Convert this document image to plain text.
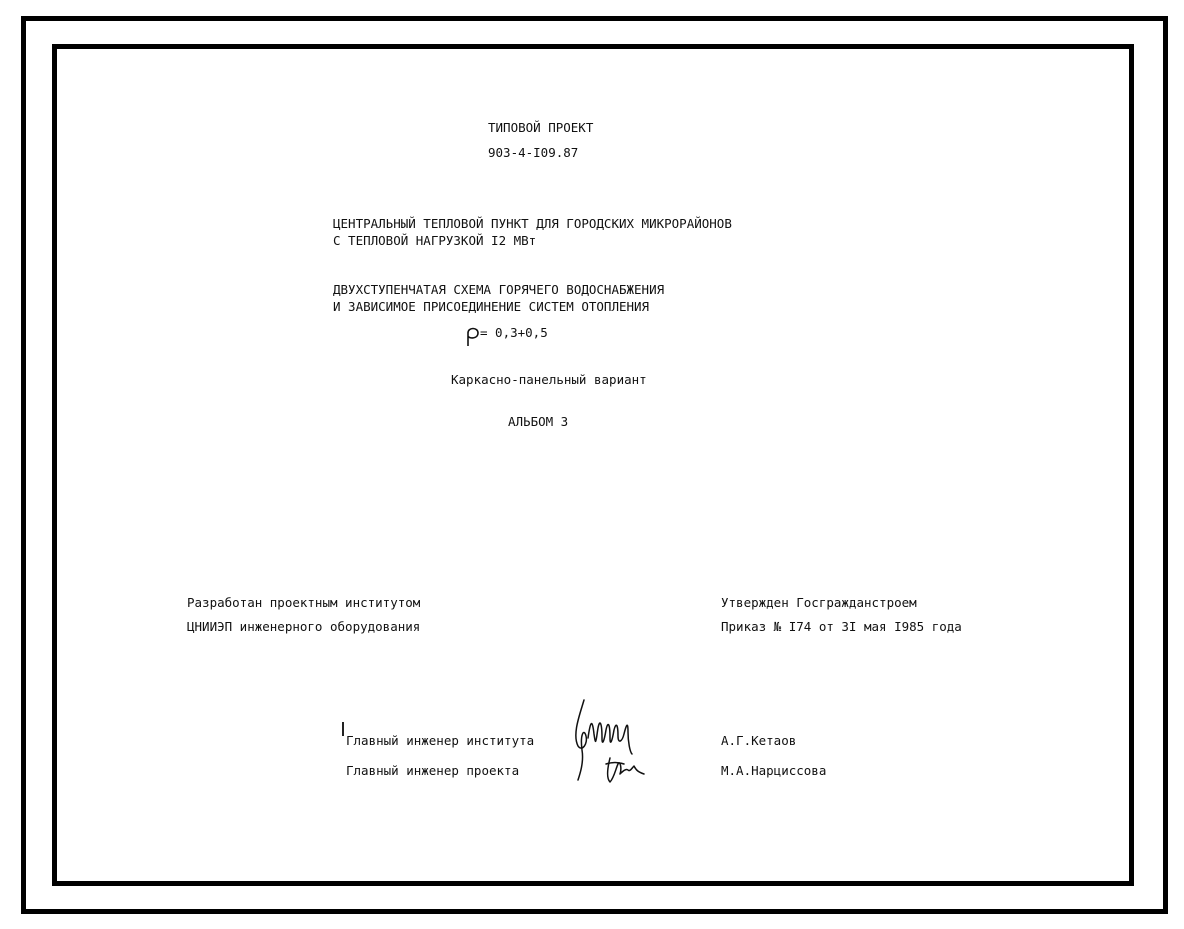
ТИПОВОЙ ПРОЕКТ
903-4-I09.87
ЦЕНТРАЛЬНЫЙ ТЕПЛОВОЙ ПУНКТ ДЛЯ ГОРОДСКИХ МИКРОРАЙОНОВ
С ТЕПЛОВОЙ НАГРУЗКОЙ I2 МВт
ДВУХСТУПЕНЧАТАЯ СХЕМА ГОРЯЧЕГО ВОДОСНАБЖЕНИЯ
И ЗАВИСИМОЕ ПРИСОЕДИНЕНИЕ СИСТЕМ ОТОПЛЕНИЯ
= 0,3+0,5
Каркасно-панельный вариант
АЛЬБОМ 3
Разработан проектным институтом
ЦНИИЭП инженерного оборудования
Утвержден Госгражданстроем
Приказ № I74 от 3I мая I985 года
Главный инженер института
Главный инженер проекта
А.Г.Кетаов
М.А.Нарциссова
